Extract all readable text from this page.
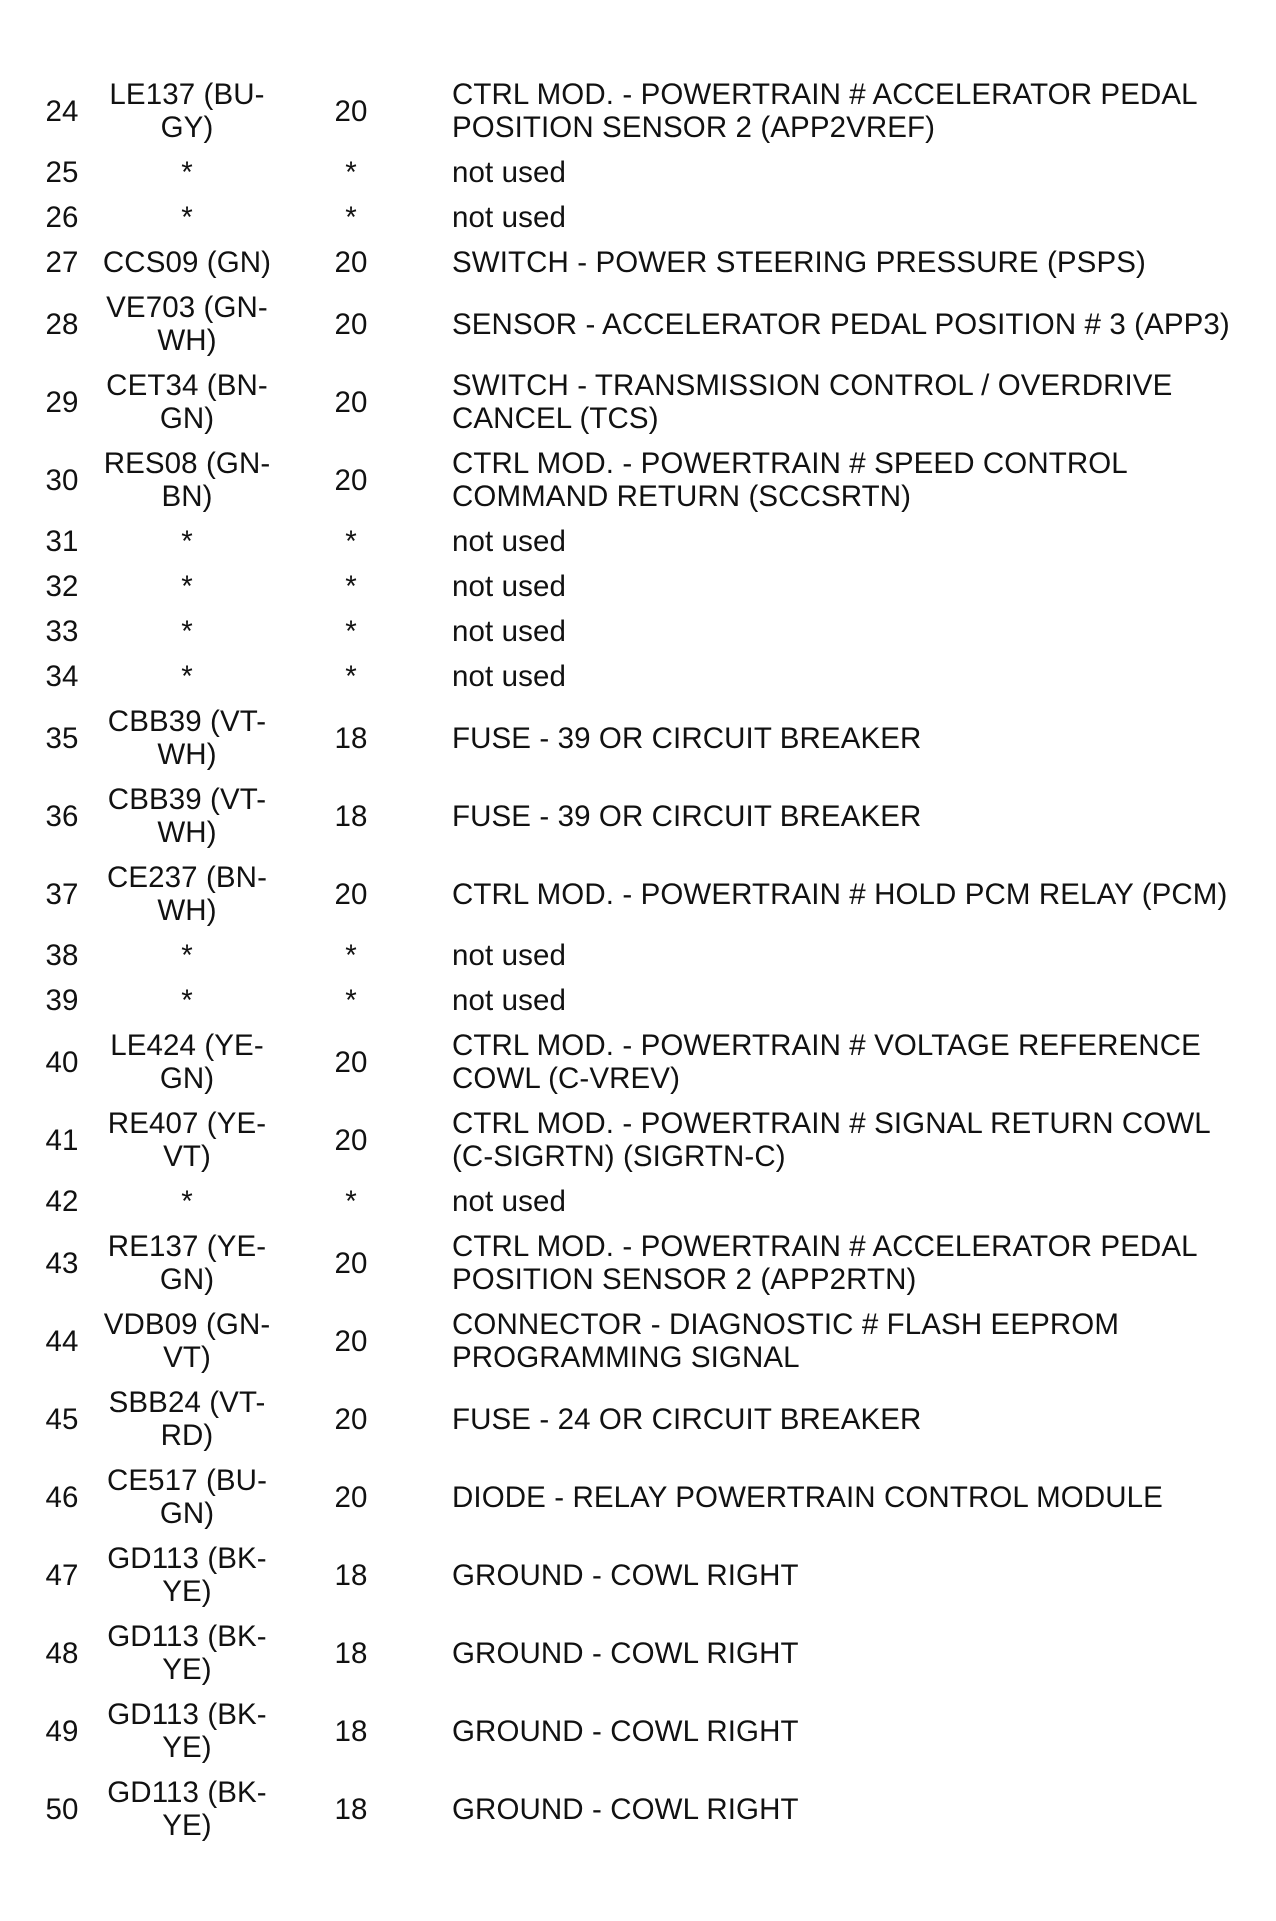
24	LE137 (BU-GY)	20	CTRL MOD. - POWERTRAIN # ACCELERATOR PEDAL POSITION SENSOR 2 (APP2VREF)
25	*	*	not used
26	*	*	not used
27	CCS09 (GN)	20	SWITCH - POWER STEERING PRESSURE (PSPS)
28	VE703 (GN-WH)	20	SENSOR - ACCELERATOR PEDAL POSITION # 3 (APP3)
29	CET34 (BN-GN)	20	SWITCH - TRANSMISSION CONTROL / OVERDRIVE CANCEL (TCS)
30	RES08 (GN-BN)	20	CTRL MOD. - POWERTRAIN # SPEED CONTROL COMMAND RETURN (SCCSRTN)
31	*	*	not used
32	*	*	not used
33	*	*	not used
34	*	*	not used
35	CBB39 (VT-WH)	18	FUSE - 39 OR CIRCUIT BREAKER
36	CBB39 (VT-WH)	18	FUSE - 39 OR CIRCUIT BREAKER
37	CE237 (BN-WH)	20	CTRL MOD. - POWERTRAIN # HOLD PCM RELAY (PCM)
38	*	*	not used
39	*	*	not used
40	LE424 (YE-GN)	20	CTRL MOD. - POWERTRAIN # VOLTAGE REFERENCE COWL (C-VREV)
41	RE407 (YE-VT)	20	CTRL MOD. - POWERTRAIN # SIGNAL RETURN COWL (C-SIGRTN) (SIGRTN-C)
42	*	*	not used
43	RE137 (YE-GN)	20	CTRL MOD. - POWERTRAIN # ACCELERATOR PEDAL POSITION SENSOR 2 (APP2RTN)
44	VDB09 (GN-VT)	20	CONNECTOR - DIAGNOSTIC # FLASH EEPROM PROGRAMMING SIGNAL
45	SBB24 (VT-RD)	20	FUSE - 24 OR CIRCUIT BREAKER
46	CE517 (BU-GN)	20	DIODE - RELAY POWERTRAIN CONTROL MODULE
47	GD113 (BK-YE)	18	GROUND - COWL RIGHT
48	GD113 (BK-YE)	18	GROUND - COWL RIGHT
49	GD113 (BK-YE)	18	GROUND - COWL RIGHT
50	GD113 (BK-YE)	18	GROUND - COWL RIGHT
